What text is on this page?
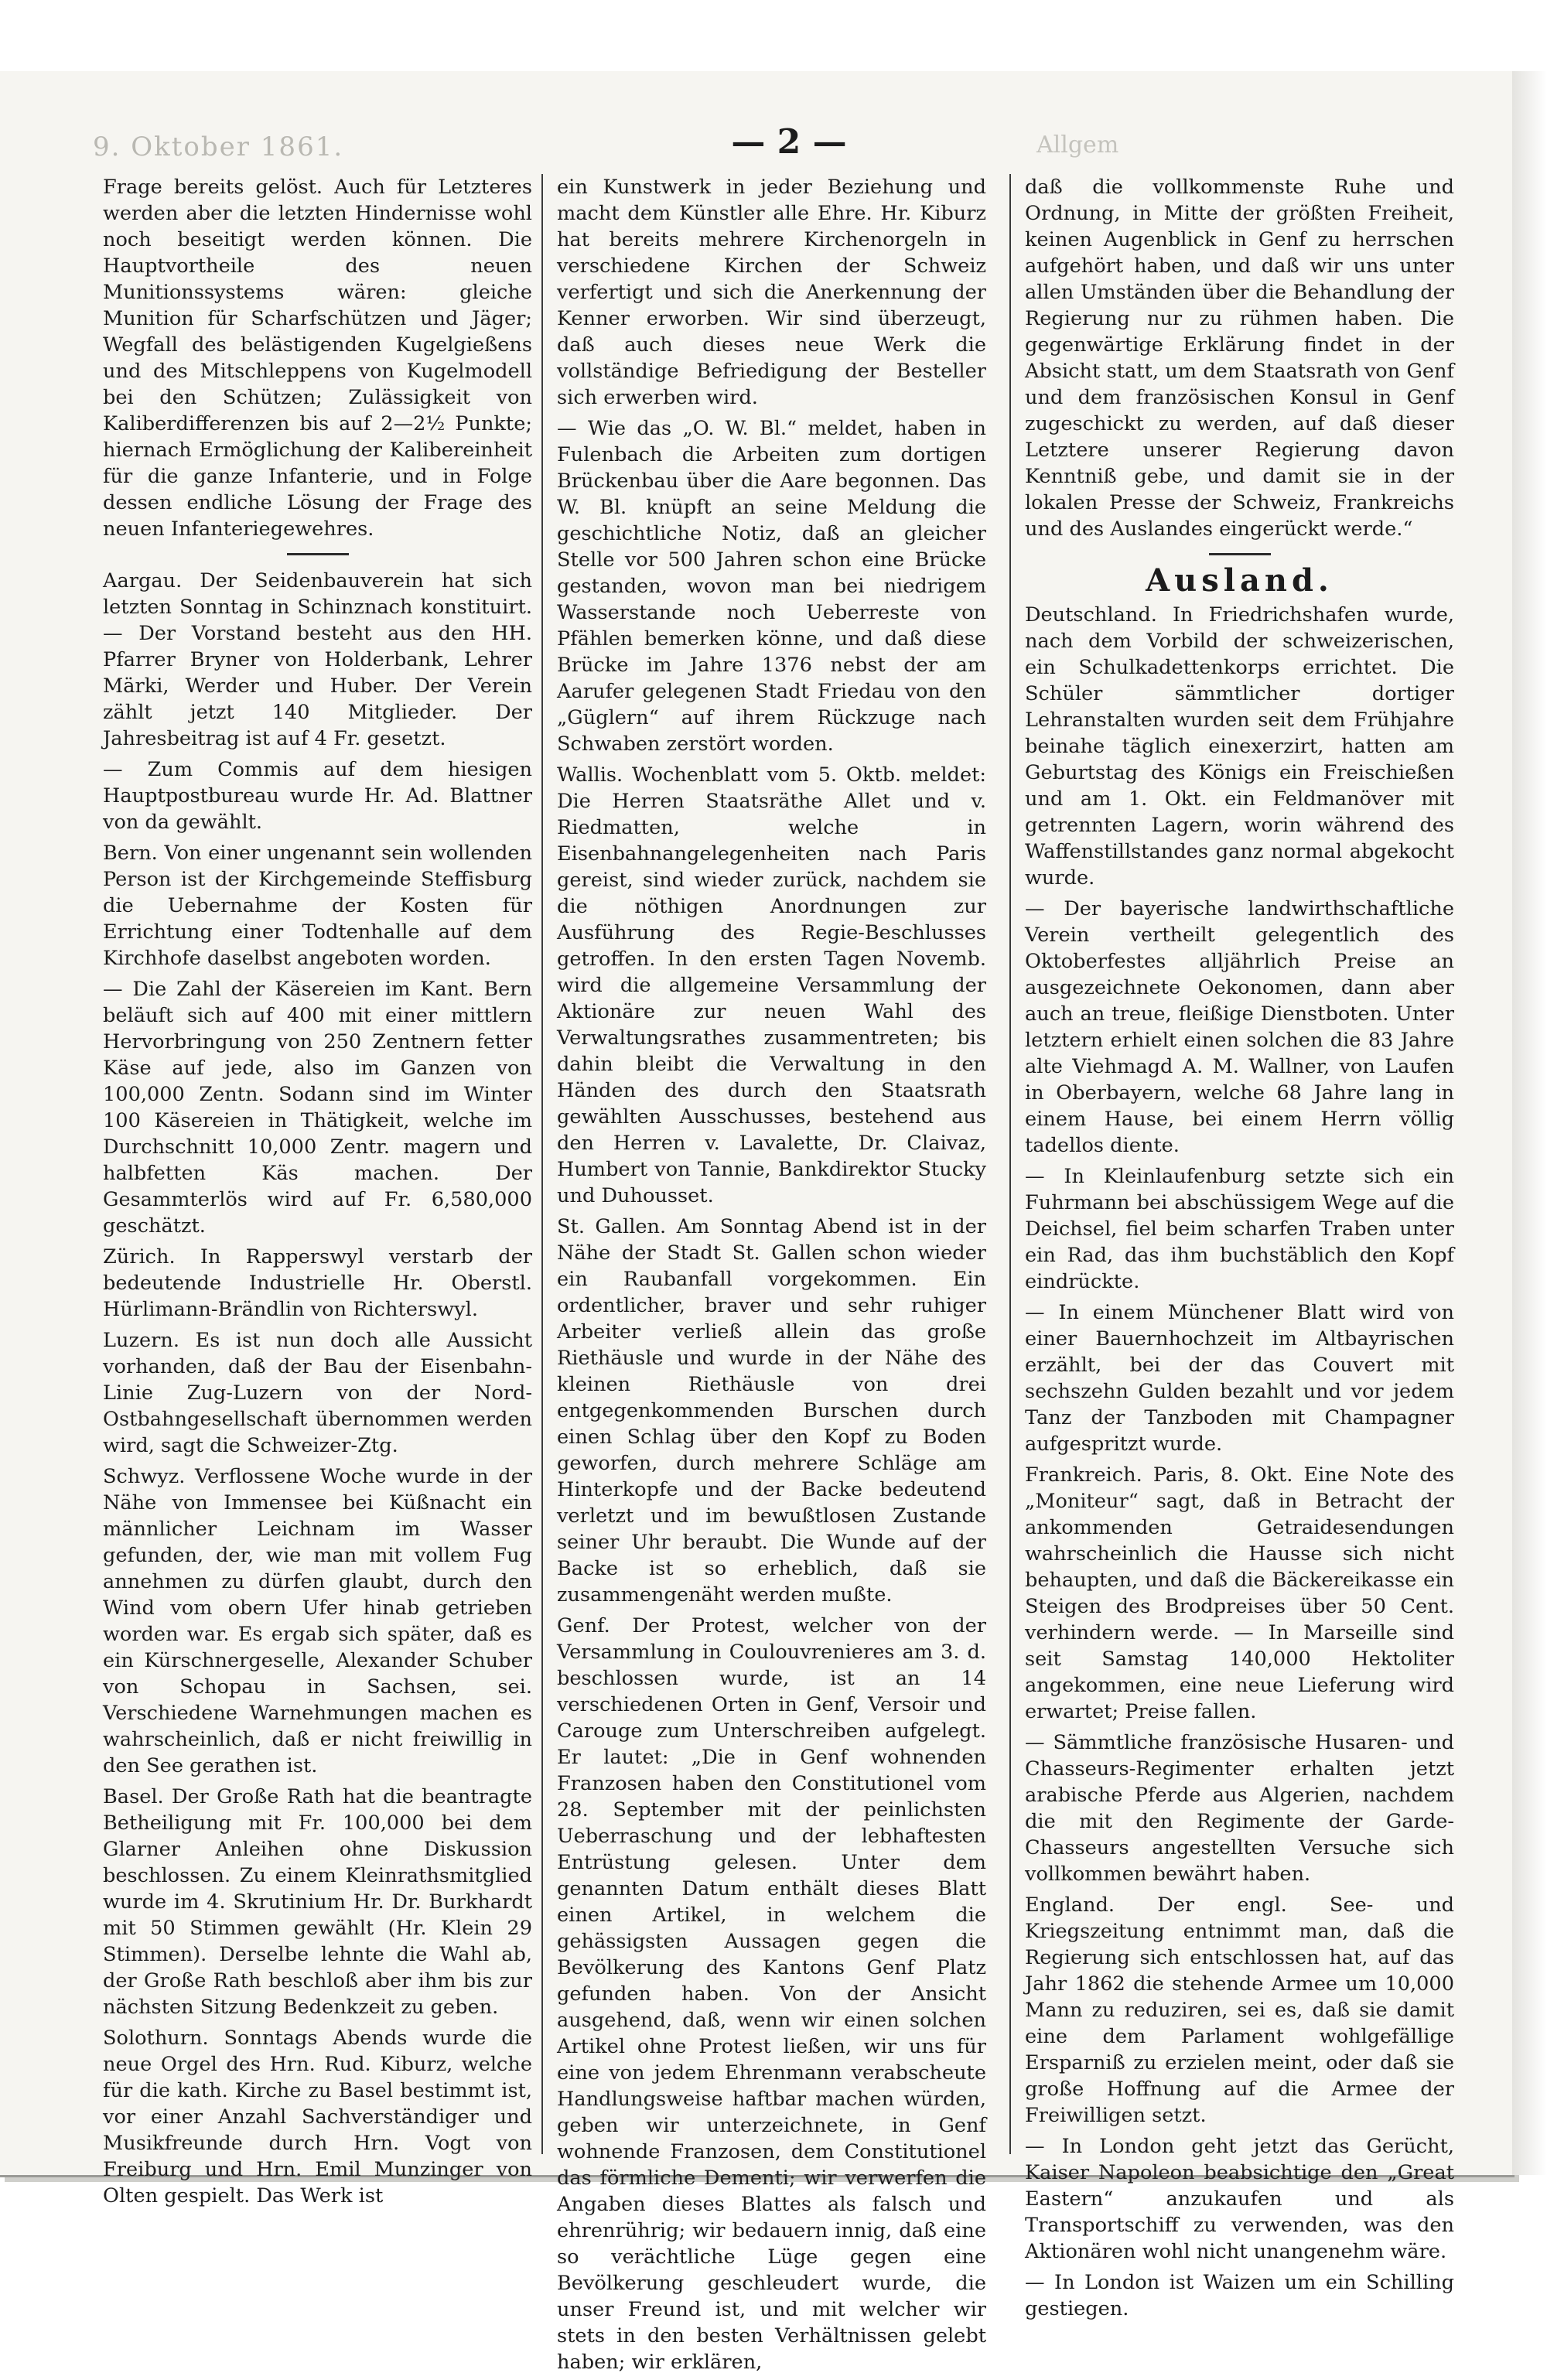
9. Oktober 1861.	— 2 —	Allgem

Frage bereits gelöst. Auch für Letzteres werden aber die letzten Hindernisse wohl noch beseitigt werden können. Die Hauptvortheile des neuen Munitionssystems wären: gleiche Munition für Scharfschützen und Jäger; Wegfall des belästigenden Kugelgießens und des Mitschleppens von Kugelmodell bei den Schützen; Zulässigkeit von Kaliberdifferenzen bis auf 2—2½ Punkte; hiernach Ermöglichung der Kalibereinheit für die ganze Infanterie, und in Folge dessen endliche Lösung der Frage des neuen Infanteriegewehres.

Aargau. Der Seidenbauverein hat sich letzten Sonntag in Schinznach konstituirt. — Der Vorstand besteht aus den HH. Pfarrer Bryner von Holderbank, Lehrer Märki, Werder und Huber. Der Verein zählt jetzt 140 Mitglieder. Der Jahresbeitrag ist auf 4 Fr. gesetzt.

— Zum Commis auf dem hiesigen Hauptpostbureau wurde Hr. Ad. Blattner von da gewählt.

Bern. Von einer ungenannt sein wollenden Person ist der Kirchgemeinde Steffisburg die Uebernahme der Kosten für Errichtung einer Todtenhalle auf dem Kirchhofe daselbst angeboten worden.

— Die Zahl der Käsereien im Kant. Bern beläuft sich auf 400 mit einer mittlern Hervorbringung von 250 Zentnern fetter Käse auf jede, also im Ganzen von 100,000 Zentn. Sodann sind im Winter 100 Käsereien in Thätigkeit, welche im Durchschnitt 10,000 Zentr. magern und halbfetten Käs machen. Der Gesammterlös wird auf Fr. 6,580,000 geschätzt.

Zürich. In Rapperswyl verstarb der bedeutende Industrielle Hr. Oberstl. Hürlimann-Brändlin von Richterswyl.

Luzern. Es ist nun doch alle Aussicht vorhanden, daß der Bau der Eisenbahn-Linie Zug-Luzern von der Nord-Ostbahngesellschaft übernommen werden wird, sagt die Schweizer-Ztg.

Schwyz. Verflossene Woche wurde in der Nähe von Immensee bei Küßnacht ein männlicher Leichnam im Wasser gefunden, der, wie man mit vollem Fug annehmen zu dürfen glaubt, durch den Wind vom obern Ufer hinab getrieben worden war. Es ergab sich später, daß es ein Kürschnergeselle, Alexander Schuber von Schopau in Sachsen, sei. Verschiedene Warnehmungen machen es wahrscheinlich, daß er nicht freiwillig in den See gerathen ist.

Basel. Der Große Rath hat die beantragte Betheiligung mit Fr. 100,000 bei dem Glarner Anleihen ohne Diskussion beschlossen. Zu einem Kleinrathsmitglied wurde im 4. Skrutinium Hr. Dr. Burkhardt mit 50 Stimmen gewählt (Hr. Klein 29 Stimmen). Derselbe lehnte die Wahl ab, der Große Rath beschloß aber ihm bis zur nächsten Sitzung Bedenkzeit zu geben.

Solothurn. Sonntags Abends wurde die neue Orgel des Hrn. Rud. Kiburz, welche für die kath. Kirche zu Basel bestimmt ist, vor einer Anzahl Sachverständiger und Musikfreunde durch Hrn. Vogt von Freiburg und Hrn. Emil Munzinger von Olten gespielt. Das Werk ist

ein Kunstwerk in jeder Beziehung und macht dem Künstler alle Ehre. Hr. Kiburz hat bereits mehrere Kirchenorgeln in verschiedene Kirchen der Schweiz verfertigt und sich die Anerkennung der Kenner erworben. Wir sind überzeugt, daß auch dieses neue Werk die vollständige Befriedigung der Besteller sich erwerben wird.

— Wie das „O. W. Bl.“ meldet, haben in Fulenbach die Arbeiten zum dortigen Brückenbau über die Aare begonnen. Das W. Bl. knüpft an seine Meldung die geschichtliche Notiz, daß an gleicher Stelle vor 500 Jahren schon eine Brücke gestanden, wovon man bei niedrigem Wasserstande noch Ueberreste von Pfählen bemerken könne, und daß diese Brücke im Jahre 1376 nebst der am Aarufer gelegenen Stadt Friedau von den „Güglern“ auf ihrem Rückzuge nach Schwaben zerstört worden.

Wallis. Wochenblatt vom 5. Oktb. meldet: Die Herren Staatsräthe Allet und v. Riedmatten, welche in Eisenbahnangelegenheiten nach Paris gereist, sind wieder zurück, nachdem sie die nöthigen Anordnungen zur Ausführung des Regie-Beschlusses getroffen. In den ersten Tagen Novemb. wird die allgemeine Versammlung der Aktionäre zur neuen Wahl des Verwaltungsrathes zusammentreten; bis dahin bleibt die Verwaltung in den Händen des durch den Staatsrath gewählten Ausschusses, bestehend aus den Herren v. Lavalette, Dr. Claivaz, Humbert von Tannie, Bankdirektor Stucky und Duhousset.

St. Gallen. Am Sonntag Abend ist in der Nähe der Stadt St. Gallen schon wieder ein Raubanfall vorgekommen. Ein ordentlicher, braver und sehr ruhiger Arbeiter verließ allein das große Riethäusle und wurde in der Nähe des kleinen Riethäusle von drei entgegenkommenden Burschen durch einen Schlag über den Kopf zu Boden geworfen, durch mehrere Schläge am Hinterkopfe und der Backe bedeutend verletzt und im bewußtlosen Zustande seiner Uhr beraubt. Die Wunde auf der Backe ist so erheblich, daß sie zusammengenäht werden mußte.

Genf. Der Protest, welcher von der Versammlung in Coulouvrenieres am 3. d. beschlossen wurde, ist an 14 verschiedenen Orten in Genf, Versoir und Carouge zum Unterschreiben aufgelegt. Er lautet: „Die in Genf wohnenden Franzosen haben den Constitutionel vom 28. September mit der peinlichsten Ueberraschung und der lebhaftesten Entrüstung gelesen. Unter dem genannten Datum enthält dieses Blatt einen Artikel, in welchem die gehässigsten Aussagen gegen die Bevölkerung des Kantons Genf Platz gefunden haben. Von der Ansicht ausgehend, daß, wenn wir einen solchen Artikel ohne Protest ließen, wir uns für eine von jedem Ehrenmann verabscheute Handlungsweise haftbar machen würden, geben wir unterzeichnete, in Genf wohnende Franzosen, dem Constitutionel das förmliche Dementi; wir verwerfen die Angaben dieses Blattes als falsch und ehrenrührig; wir bedauern innig, daß eine so verächtliche Lüge gegen eine Bevölkerung geschleudert wurde, die unser Freund ist, und mit welcher wir stets in den besten Verhältnissen gelebt haben; wir erklären,

daß die vollkommenste Ruhe und Ordnung, in Mitte der größten Freiheit, keinen Augenblick in Genf zu herrschen aufgehört haben, und daß wir uns unter allen Umständen über die Behandlung der Regierung nur zu rühmen haben. Die gegenwärtige Erklärung findet in der Absicht statt, um dem Staatsrath von Genf und dem französischen Konsul in Genf zugeschickt zu werden, auf daß dieser Letztere unserer Regierung davon Kenntniß gebe, und damit sie in der lokalen Presse der Schweiz, Frankreichs und des Auslandes eingerückt werde.“

Ausland.

Deutschland. In Friedrichshafen wurde, nach dem Vorbild der schweizerischen, ein Schulkadettenkorps errichtet. Die Schüler sämmtlicher dortiger Lehranstalten wurden seit dem Frühjahre beinahe täglich einexerzirt, hatten am Geburtstag des Königs ein Freischießen und am 1. Okt. ein Feldmanöver mit getrennten Lagern, worin während des Waffenstillstandes ganz normal abgekocht wurde.

— Der bayerische landwirthschaftliche Verein vertheilt gelegentlich des Oktoberfestes alljährlich Preise an ausgezeichnete Oekonomen, dann aber auch an treue, fleißige Dienstboten. Unter letztern erhielt einen solchen die 83 Jahre alte Viehmagd A. M. Wallner, von Laufen in Oberbayern, welche 68 Jahre lang in einem Hause, bei einem Herrn völlig tadellos diente.

— In Kleinlaufenburg setzte sich ein Fuhrmann bei abschüssigem Wege auf die Deichsel, fiel beim scharfen Traben unter ein Rad, das ihm buchstäblich den Kopf eindrückte.

— In einem Münchener Blatt wird von einer Bauernhochzeit im Altbayrischen erzählt, bei der das Couvert mit sechszehn Gulden bezahlt und vor jedem Tanz der Tanzboden mit Champagner aufgespritzt wurde.

Frankreich. Paris, 8. Okt. Eine Note des „Moniteur“ sagt, daß in Betracht der ankommenden Getraidesendungen wahrscheinlich die Hausse sich nicht behaupten, und daß die Bäckereikasse ein Steigen des Brodpreises über 50 Cent. verhindern werde. — In Marseille sind seit Samstag 140,000 Hektoliter angekommen, eine neue Lieferung wird erwartet; Preise fallen.

— Sämmtliche französische Husaren- und Chasseurs-Regimenter erhalten jetzt arabische Pferde aus Algerien, nachdem die mit den Regimente der Garde-Chasseurs angestellten Versuche sich vollkommen bewährt haben.

England. Der engl. See- und Kriegszeitung entnimmt man, daß die Regierung sich entschlossen hat, auf das Jahr 1862 die stehende Armee um 10,000 Mann zu reduziren, sei es, daß sie damit eine dem Parlament wohlgefällige Ersparniß zu erzielen meint, oder daß sie große Hoffnung auf die Armee der Freiwilligen setzt.

— In London geht jetzt das Gerücht, Kaiser Napoleon beabsichtige den „Great Eastern“ anzukaufen und als Transportschiff zu verwenden, was den Aktionären wohl nicht unangenehm wäre.

— In London ist Waizen um ein Schilling gestiegen.
